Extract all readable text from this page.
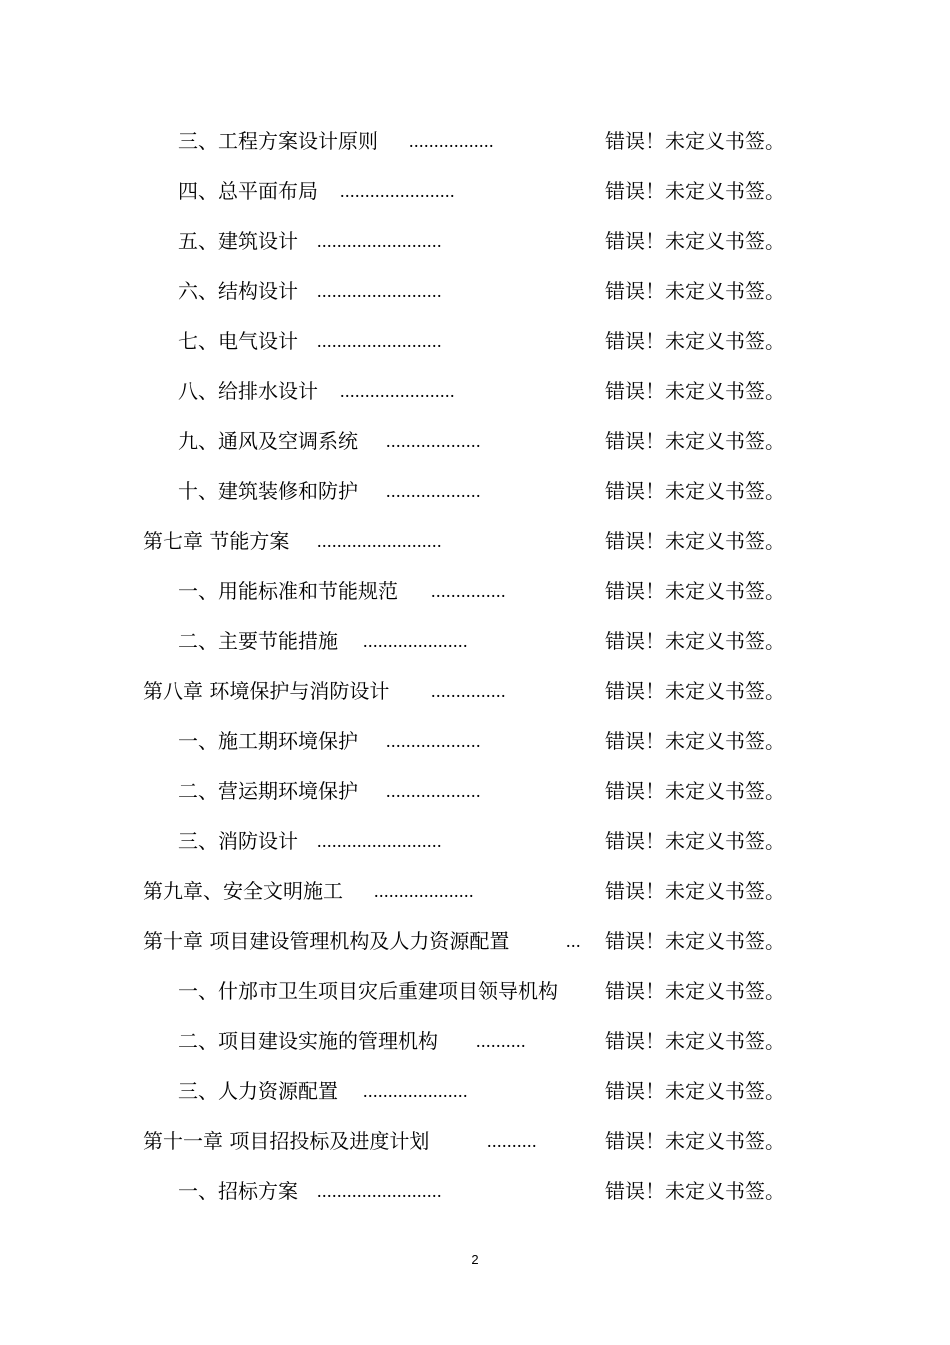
三、工程方案设计原则 .................	错误！未定义书签。
四、总平面布局 .......................	错误！未定义书签。
五、建筑设计 .........................	错误！未定义书签。
六、结构设计 .........................	错误！未定义书签。
七、电气设计 .........................	错误！未定义书签。
八、给排水设计 .......................	错误！未定义书签。
九、通风及空调系统 ...................	错误！未定义书签。
十、建筑装修和防护 ...................	错误！未定义书签。
第七章 节能方案 .........................	错误！未定义书签。
一、用能标准和节能规范 ...............	错误！未定义书签。
二、主要节能措施 .....................	错误！未定义书签。
第八章 环境保护与消防设计 ...............	错误！未定义书签。
一、施工期环境保护 ...................	错误！未定义书签。
二、营运期环境保护 ...................	错误！未定义书签。
三、消防设计 .........................	错误！未定义书签。
第九章、安全文明施工 ....................	错误！未定义书签。
第十章 项目建设管理机构及人力资源配置	... 错误！未定义书签。
一、什邡市卫生项目灾后重建项目领导机构 错误！未定义书签。
二、项目建设实施的管理机构 ..........	错误！未定义书签。
三、人力资源配置 .....................	错误！未定义书签。
第十一章 项目招投标及进度计划	..........	错误！未定义书签。
一、招标方案 .........................	错误！未定义书签。
2
